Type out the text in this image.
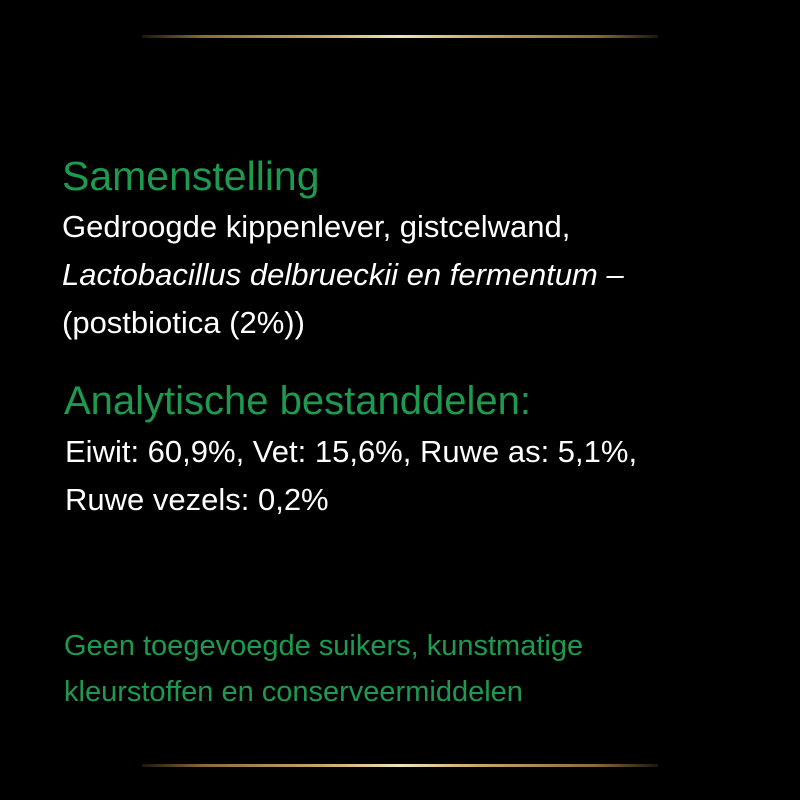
Samenstelling
Gedroogde kippenlever, gistcelwand,
Lactobacillus delbrueckii en fermentum –
(postbiotica (2%))
Analytische bestanddelen:
Eiwit: 60,9%, Vet: 15,6%, Ruwe as: 5,1%,
Ruwe vezels: 0,2%
Geen toegevoegde suikers, kunstmatige
kleurstoffen en conserveermiddelen
